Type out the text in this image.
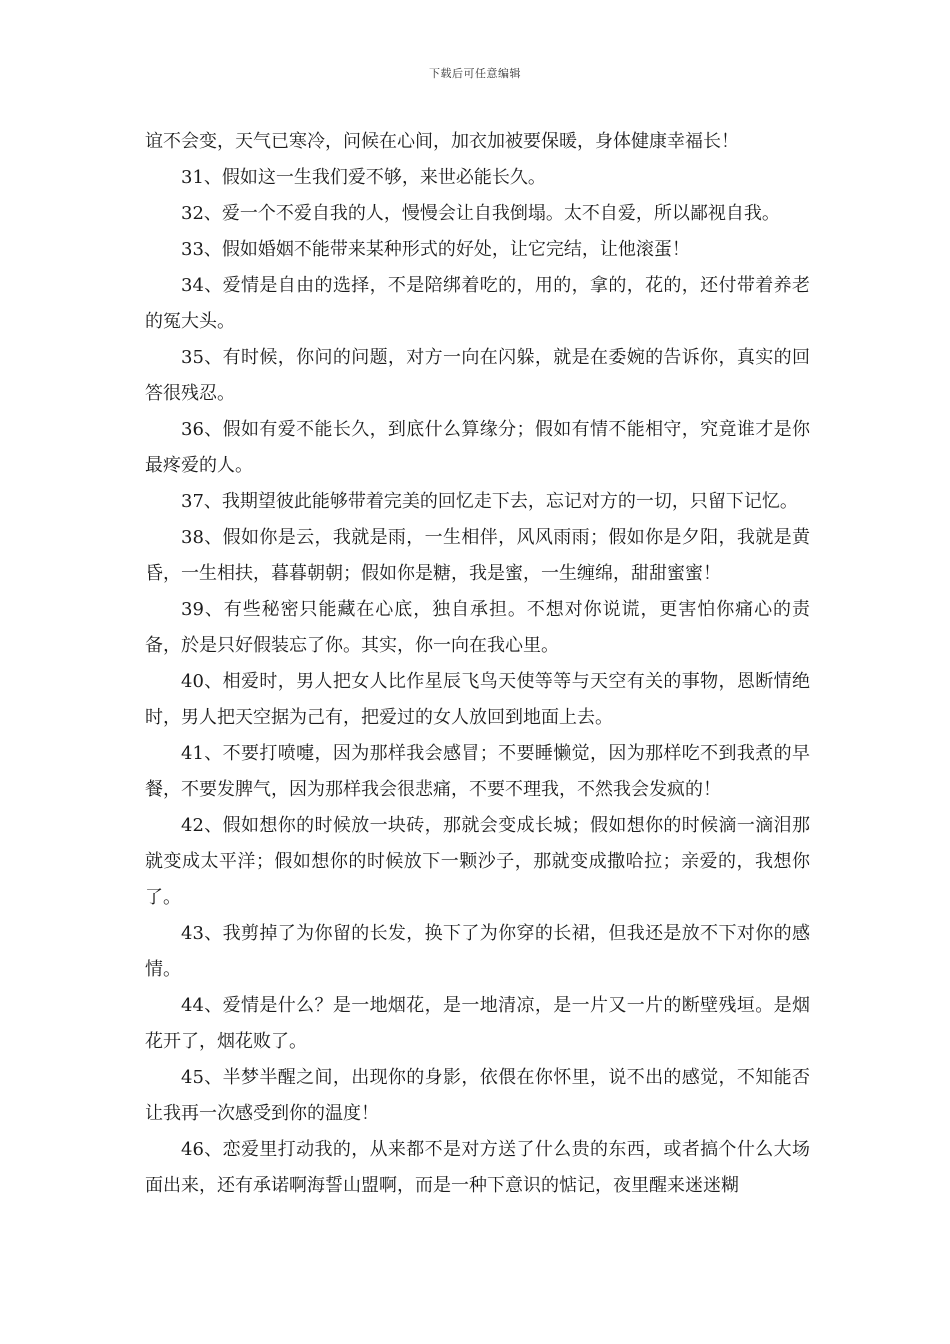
下载后可任意编辑

谊不会变，天气已寒冷，问候在心间，加衣加被要保暖，身体健康幸福长！

31、假如这一生我们爱不够，来世必能长久。

32、爱一个不爱自我的人，慢慢会让自我倒塌。太不自爱，所以鄙视自我。

33、假如婚姻不能带来某种形式的好处，让它完结，让他滚蛋！

34、爱情是自由的选择，不是陪绑着吃的，用的，拿的，花的，还付带着养老的冤大头。

35、有时候，你问的问题，对方一向在闪躲，就是在委婉的告诉你，真实的回答很残忍。

36、假如有爱不能长久，到底什么算缘分；假如有情不能相守，究竟谁才是你最疼爱的人。

37、我期望彼此能够带着完美的回忆走下去，忘记对方的一切，只留下记忆。

38、假如你是云，我就是雨，一生相伴，风风雨雨；假如你是夕阳，我就是黄昏，一生相扶，暮暮朝朝；假如你是糖，我是蜜，一生缠绵，甜甜蜜蜜！

39、有些秘密只能藏在心底，独自承担。不想对你说谎，更害怕你痛心的责备，於是只好假装忘了你。其实，你一向在我心里。

40、相爱时，男人把女人比作星辰飞鸟天使等等与天空有关的事物，恩断情绝时，男人把天空据为己有，把爱过的女人放回到地面上去。

41、不要打喷嚏，因为那样我会感冒；不要睡懒觉，因为那样吃不到我煮的早餐，不要发脾气，因为那样我会很悲痛，不要不理我，不然我会发疯的！

42、假如想你的时候放一块砖，那就会变成长城；假如想你的时候滴一滴泪那就变成太平洋；假如想你的时候放下一颗沙子，那就变成撒哈拉；亲爱的，我想你了。

43、我剪掉了为你留的长发，换下了为你穿的长裙，但我还是放不下对你的感情。

44、爱情是什么？是一地烟花，是一地清凉，是一片又一片的断壁残垣。是烟花开了，烟花败了。

45、半梦半醒之间，出现你的身影，依偎在你怀里，说不出的感觉，不知能否让我再一次感受到你的温度！

46、恋爱里打动我的，从来都不是对方送了什么贵的东西，或者搞个什么大场面出来，还有承诺啊海誓山盟啊，而是一种下意识的惦记，夜里醒来迷迷糊
